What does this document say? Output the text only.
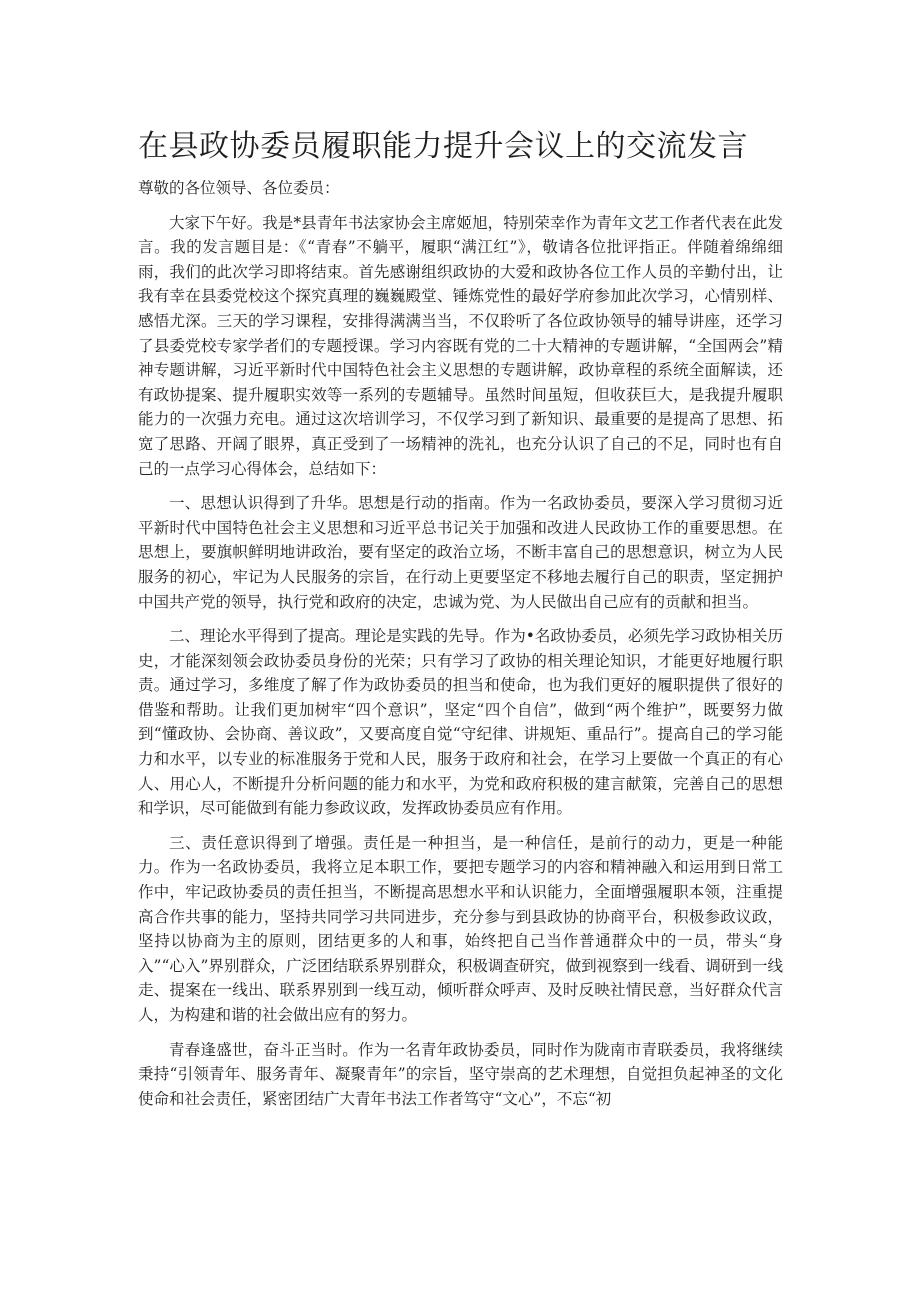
在县政协委员履职能力提升会议上的交流发言

尊敬的各位领导、各位委员：

大家下午好。我是*县青年书法家协会主席姬旭，特别荣幸作为青年文艺工作者代表在此发言。我的发言题目是：《“青春”不躺平，履职“满江红”》，敬请各位批评指正。伴随着绵绵细雨，我们的此次学习即将结束。首先感谢组织政协的大爱和政协各位工作人员的辛勤付出，让我有幸在县委党校这个探究真理的巍巍殿堂、锤炼党性的最好学府参加此次学习，心情别样、感悟尤深。三天的学习课程，安排得满满当当，不仅聆听了各位政协领导的辅导讲座，还学习了县委党校专家学者们的专题授课。学习内容既有党的二十大精神的专题讲解，“全国两会”精神专题讲解，习近平新时代中国特色社会主义思想的专题讲解，政协章程的系统全面解读，还有政协提案、提升履职实效等一系列的专题辅导。虽然时间虽短，但收获巨大，是我提升履职能力的一次强力充电。通过这次培训学习，不仅学习到了新知识、最重要的是提高了思想、拓宽了思路、开阔了眼界，真正受到了一场精神的洗礼，也充分认识了自己的不足，同时也有自己的一点学习心得体会，总结如下：

一、思想认识得到了升华。思想是行动的指南。作为一名政协委员，要深入学习贯彻习近平新时代中国特色社会主义思想和习近平总书记关于加强和改进人民政协工作的重要思想。在思想上，要旗帜鲜明地讲政治，要有坚定的政治立场，不断丰富自己的思想意识，树立为人民服务的初心，牢记为人民服务的宗旨，在行动上更要坚定不移地去履行自己的职责，坚定拥护中国共产党的领导，执行党和政府的决定，忠诚为党、为人民做出自己应有的贡献和担当。

二、理论水平得到了提高。理论是实践的先导。作为•名政协委员，必须先学习政协相关历史，才能深刻领会政协委员身份的光荣；只有学习了政协的相关理论知识，才能更好地履行职责。通过学习，多维度了解了作为政协委员的担当和使命，也为我们更好的履职提供了很好的借鉴和帮助。让我们更加树牢“四个意识”，坚定“四个自信”，做到“两个维护”，既要努力做到“懂政协、会协商、善议政”，又要高度自觉“守纪律、讲规矩、重品行”。提高自己的学习能力和水平，以专业的标准服务于党和人民，服务于政府和社会，在学习上要做一个真正的有心人、用心人，不断提升分析问题的能力和水平，为党和政府积极的建言献策，完善自己的思想和学识，尽可能做到有能力参政议政，发挥政协委员应有作用。

三、责任意识得到了增强。责任是一种担当，是一种信任，是前行的动力，更是一种能力。作为一名政协委员，我将立足本职工作，要把专题学习的内容和精神融入和运用到日常工作中，牢记政协委员的责任担当，不断提高思想水平和认识能力，全面增强履职本领，注重提高合作共事的能力，坚持共同学习共同进步，充分参与到县政协的协商平台，积极参政议政，坚持以协商为主的原则，团结更多的人和事，始终把自己当作普通群众中的一员，带头“身入”“心入”界别群众，广泛团结联系界别群众，积极调查研究，做到视察到一线看、调研到一线走、提案在一线出、联系界别到一线互动，倾听群众呼声、及时反映社情民意，当好群众代言人，为构建和谐的社会做出应有的努力。

青春逢盛世，奋斗正当时。作为一名青年政协委员，同时作为陇南市青联委员，我将继续秉持“引领青年、服务青年、凝聚青年”的宗旨，坚守崇高的艺术理想，自觉担负起神圣的文化使命和社会责任，紧密团结广大青年书法工作者笃守“文心”，不忘“初
